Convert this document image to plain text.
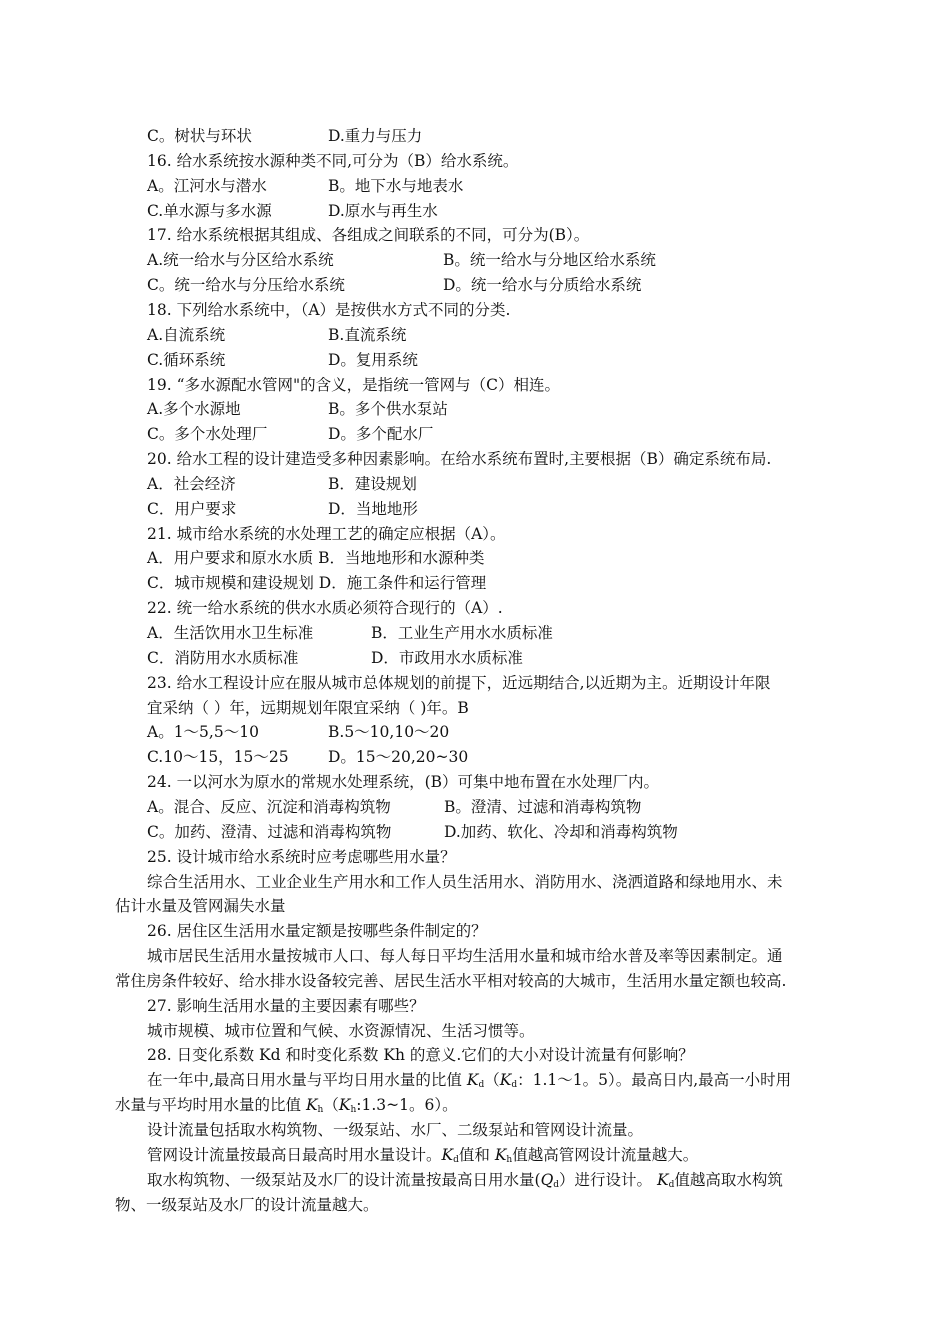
C。树状与环状	D.重力与压力
16. 给水系统按水源种类不同,可分为（B）给水系统。
A。江河水与潜水	B。地下水与地表水
C.单水源与多水源	D.原水与再生水
17. 给水系统根据其组成、各组成之间联系的不同，可分为(B）。
A.统一给水与分区给水系统	B。统一给水与分地区给水系统
C。统一给水与分压给水系统	D。统一给水与分质给水系统
18. 下列给水系统中，（A）是按供水方式不同的分类.
A.自流系统	B.直流系统
C.循环系统	D。复用系统
19. “多水源配水管网"的含义，是指统一管网与（C）相连。
A.多个水源地	B。多个供水泵站
C。多个水处理厂	D。多个配水厂
20. 给水工程的设计建造受多种因素影响。在给水系统布置时,主要根据（B）确定系统布局.
A．社会经济	B．建设规划
C．用户要求	D．当地地形
21. 城市给水系统的水处理工艺的确定应根据（A）。
A．用户要求和原水水质 B．当地地形和水源种类
C．城市规模和建设规划 D．施工条件和运行管理
22. 统一给水系统的供水水质必须符合现行的（A）.
A．生活饮用水卫生标准	B．工业生产用水水质标准
C．消防用水水质标准	D．市政用水水质标准
23. 给水工程设计应在服从城市总体规划的前提下，近远期结合,以近期为主。近期设计年限
宜采纳（ ）年，远期规划年限宜采纳（ )年。B
A。1～5,5～10	B.5～10,10～20
C.10～15，15～25	D。15～20,20~30
24. 一以河水为原水的常规水处理系统，(B）可集中地布置在水处理厂内。
A。混合、反应、沉淀和消毒构筑物	B。澄清、过滤和消毒构筑物
C。加药、澄清、过滤和消毒构筑物	D.加药、软化、冷却和消毒构筑物
25. 设计城市给水系统时应考虑哪些用水量？
综合生活用水、工业企业生产用水和工作人员生活用水、消防用水、浇洒道路和绿地用水、未
估计水量及管网漏失水量
26. 居住区生活用水量定额是按哪些条件制定的？
城市居民生活用水量按城市人口、每人每日平均生活用水量和城市给水普及率等因素制定。通
常住房条件较好、给水排水设备较完善、居民生活水平相对较高的大城市，生活用水量定额也较高.
27. 影响生活用水量的主要因素有哪些？
城市规模、城市位置和气候、水资源情况、生活习惯等。
28. 日变化系数 Kd 和时变化系数 Kh 的意义.它们的大小对设计流量有何影响？
在一年中,最高日用水量与平均日用水量的比值 $K_d(K_d$：1.1～1。5）。最高日内,最高一小时用
水量与平均时用水量的比值 $K_h(K_h:1.3\sim 1$。6）。
设计流量包括取水构筑物、一级泵站、水厂、二级泵站和管网设计流量。
管网设计流量按最高日最高时用水量设计。$K_d$值和 $K_h$值越高管网设计流量越大。
取水构筑物、一级泵站及水厂的设计流量按最高日用水量$(Q_d)$进行设计。 $K_d$值越高取水构筑
物、一级泵站及水厂的设计流量越大。
